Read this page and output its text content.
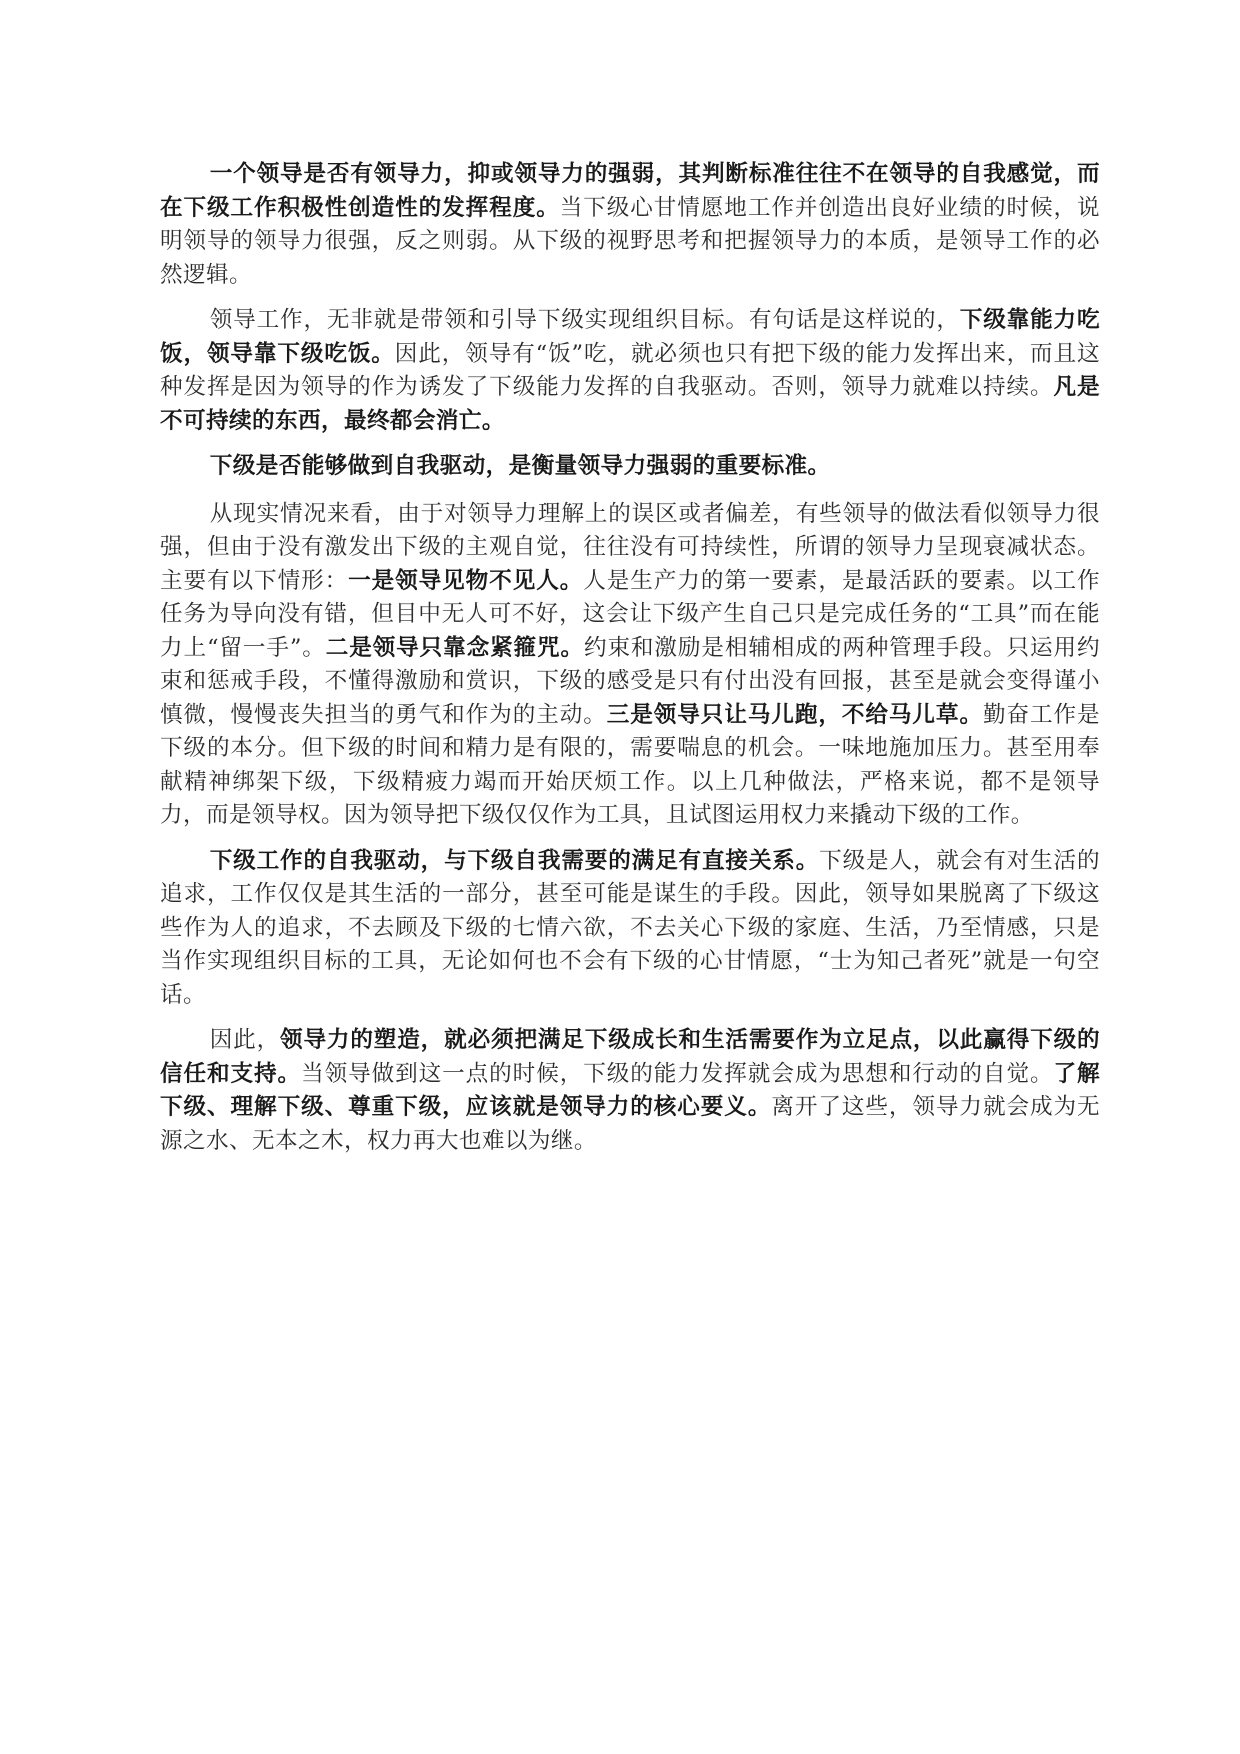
一个领导是否有领导力，抑或领导力的强弱，其判断标准往往不在领导的自我感觉，而在下级工作积极性创造性的发挥程度。当下级心甘情愿地工作并创造出良好业绩的时候，说明领导的领导力很强，反之则弱。从下级的视野思考和把握领导力的本质，是领导工作的必然逻辑。

领导工作，无非就是带领和引导下级实现组织目标。有句话是这样说的，下级靠能力吃饭，领导靠下级吃饭。因此，领导有“饭”吃，就必须也只有把下级的能力发挥出来，而且这种发挥是因为领导的作为诱发了下级能力发挥的自我驱动。否则，领导力就难以持续。凡是不可持续的东西，最终都会消亡。

下级是否能够做到自我驱动，是衡量领导力强弱的重要标准。

从现实情况来看，由于对领导力理解上的误区或者偏差，有些领导的做法看似领导力很强，但由于没有激发出下级的主观自觉，往往没有可持续性，所谓的领导力呈现衰减状态。主要有以下情形：一是领导见物不见人。人是生产力的第一要素，是最活跃的要素。以工作任务为导向没有错，但目中无人可不好，这会让下级产生自己只是完成任务的“工具”而在能力上“留一手”。二是领导只靠念紧箍咒。约束和激励是相辅相成的两种管理手段。只运用约束和惩戒手段，不懂得激励和赏识，下级的感受是只有付出没有回报，甚至是就会变得谨小慎微，慢慢丧失担当的勇气和作为的主动。三是领导只让马儿跑，不给马儿草。勤奋工作是下级的本分。但下级的时间和精力是有限的，需要喘息的机会。一味地施加压力。甚至用奉献精神绑架下级，下级精疲力竭而开始厌烦工作。以上几种做法，严格来说，都不是领导力，而是领导权。因为领导把下级仅仅作为工具，且试图运用权力来撬动下级的工作。

下级工作的自我驱动，与下级自我需要的满足有直接关系。下级是人，就会有对生活的追求，工作仅仅是其生活的一部分，甚至可能是谋生的手段。因此，领导如果脱离了下级这些作为人的追求，不去顾及下级的七情六欲，不去关心下级的家庭、生活，乃至情感，只是当作实现组织目标的工具，无论如何也不会有下级的心甘情愿，“士为知己者死”就是一句空话。

因此，领导力的塑造，就必须把满足下级成长和生活需要作为立足点，以此赢得下级的信任和支持。当领导做到这一点的时候，下级的能力发挥就会成为思想和行动的自觉。了解下级、理解下级、尊重下级，应该就是领导力的核心要义。离开了这些，领导力就会成为无源之水、无本之木，权力再大也难以为继。
